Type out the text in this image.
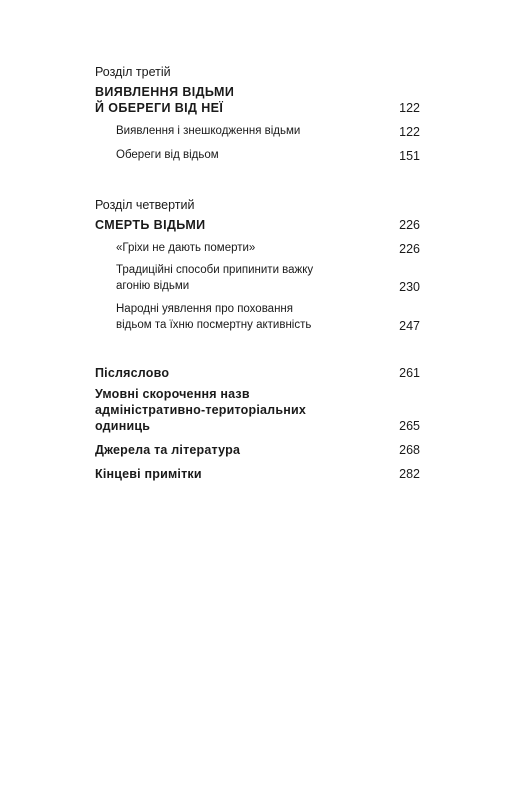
Розділ третій
ВИЯВЛЕННЯ ВІДЬМИ
Й ОБЕРЕГИ ВІД НЕЇ	122
Виявлення і знешкодження відьми	122
Обереги від відьом	151
Розділ четвертий
СМЕРТЬ ВІДЬМИ	226
«Гріхи не дають померти»	226
Традиційні способи припинити важку
агонію відьми	230
Народні уявлення про поховання
відьом та їхню посмертну активність	247
Післяслово	261
Умовні скорочення назв
адміністративно-територіальних
одиниць	265
Джерела та література	268
Кінцеві примітки	282
